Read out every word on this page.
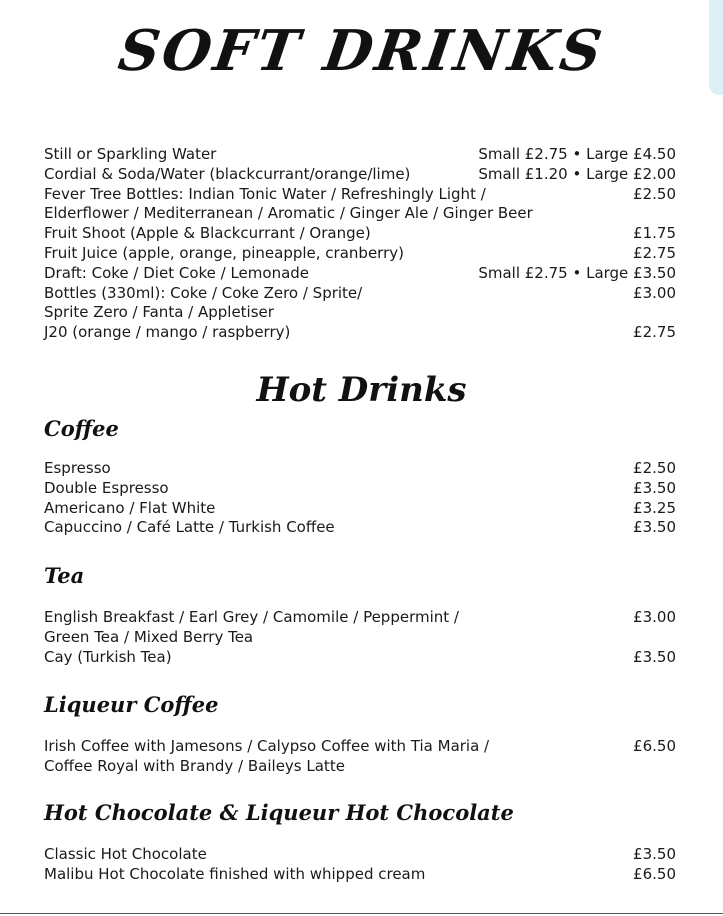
SOFT DRINKS
Still or Sparkling Water	Small £2.75 • Large £4.50
Cordial & Soda/Water (blackcurrant/orange/lime)	Small £1.20 • Large £2.00
Fever Tree Bottles: Indian Tonic Water / Refreshingly Light /	£2.50
Elderflower / Mediterranean / Aromatic / Ginger Ale / Ginger Beer
Fruit Shoot (Apple & Blackcurrant / Orange)	£1.75
Fruit Juice (apple, orange, pineapple, cranberry)	£2.75
Draft: Coke / Diet Coke / Lemonade	Small £2.75 • Large £3.50
Bottles (330ml): Coke / Coke Zero / Sprite/	£3.00
Sprite Zero / Fanta / Appletiser
J20 (orange / mango / raspberry)	£2.75
Hot Drinks
Coffee
Espresso	£2.50
Double Espresso	£3.50
Americano / Flat White	£3.25
Capuccino / Café Latte / Turkish Coffee	£3.50
Tea
English Breakfast / Earl Grey / Camomile / Peppermint /	£3.00
Green Tea / Mixed Berry Tea
Cay (Turkish Tea)	£3.50
Liqueur Coffee
Irish Coffee with Jamesons / Calypso Coffee with Tia Maria /	£6.50
Coffee Royal with Brandy / Baileys Latte
Hot Chocolate & Liqueur Hot Chocolate
Classic Hot Chocolate	£3.50
Malibu Hot Chocolate finished with whipped cream	£6.50
